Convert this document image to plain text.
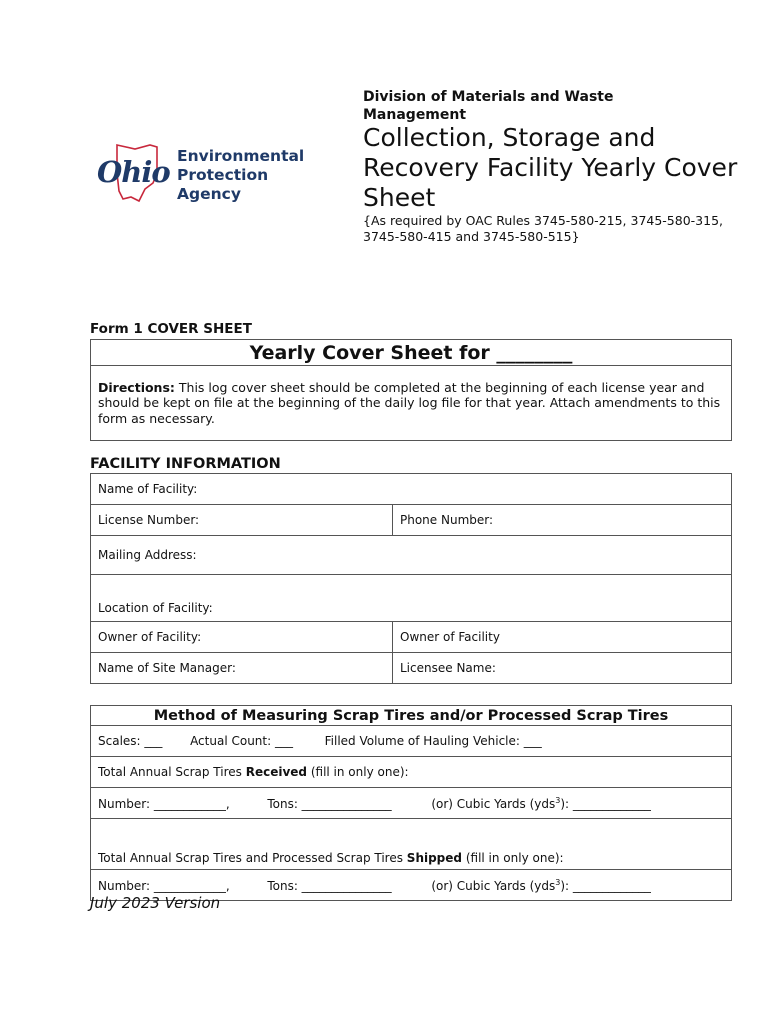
Ohio Environmental
Protection
Agency
Division of Materials and Waste Management
Collection, Storage and Recovery Facility Yearly Cover Sheet
{As required by OAC Rules 3745-580-215, 3745-580-315, 3745-580-415 and 3745-580-515}
Form 1 COVER SHEET
Yearly Cover Sheet for ________
Directions: This log cover sheet should be completed at the beginning of each license year and should be kept on file at the beginning of the daily log file for that year. Attach amendments to this form as necessary.
FACILITY INFORMATION
Name of Facility:	
License Number:	Phone Number:
Mailing Address:	
Location of Facility:	
Owner of Facility:	Owner of Facility
Name of Site Manager:	Licensee Name:
Method of Measuring Scrap Tires and/or Processed Scrap Tires
Scales: ___ Actual Count: ___	Filled Volume of Hauling Vehicle: ___
Total Annual Scrap Tires Received (fill in only one):
Number: ____________,	Tons: _______________	(or) Cubic Yards (yds$^3$): _____________
Total Annual Scrap Tires and Processed Scrap Tires Shipped (fill in only one):
Number: ____________,	Tons: _______________	(or) Cubic Yards (yds$^3$): _____________
July 2023 Version
